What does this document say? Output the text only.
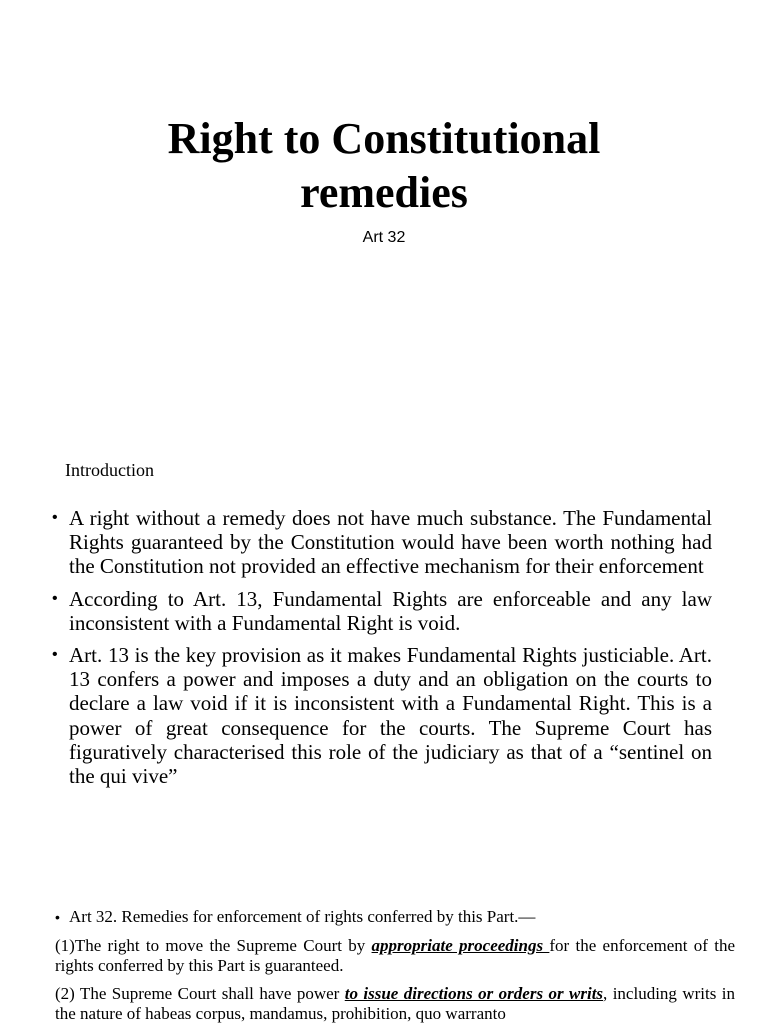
Right to Constitutional
remedies

Art 32

Introduction

• A right without a remedy does not have much substance. The Fundamental Rights guaranteed by the Constitution would have been worth nothing had the Constitution not provided an effective mechanism for their enforcement
• According to Art. 13, Fundamental Rights are enforceable and any law inconsistent with a Fundamental Right is void.
• Art. 13 is the key provision as it makes Fundamental Rights justiciable. Art. 13 confers a power and imposes a duty and an obligation on the courts to declare a law void if it is inconsistent with a Fundamental Right. This is a power of great consequence for the courts. The Supreme Court has figuratively characterised this role of the judiciary as that of a “sentinel on the qui vive”

• Art 32. Remedies for enforcement of rights conferred by this Part.—

(1)The right to move the Supreme Court by appropriate proceedings for the enforcement of the rights conferred by this Part is guaranteed.

(2) The Supreme Court shall have power to issue directions or orders or writs, including writs in the nature of habeas corpus, mandamus, prohibition, quo warranto
